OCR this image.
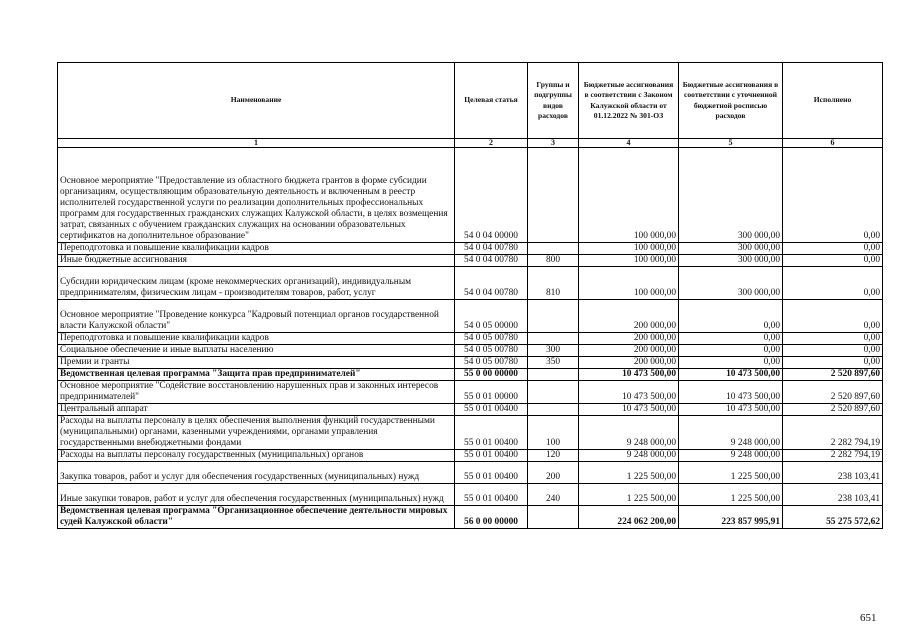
Наименование	Целевая статья	Группы и подгруппы видов расходов	Бюджетные ассигнования в соответствии с Законом Калужской области от 01.12.2022 № 301-ОЗ	Бюджетные ассигнования в соответствии с уточненной бюджетной росписью расходов	Исполнено
1	2	3	4	5	6
Основное мероприятие "Предоставление из областного бюджета грантов в форме субсидии организациям, осуществляющим образовательную деятельность и включенным в реестр исполнителей государственной услуги по реализации дополнительных профессиональных программ для государственных гражданских служащих Калужской области, в целях возмещения затрат, связанных с обучением гражданских служащих на основании образовательных сертификатов на дополнительное образование"	54 0 04 00000		100 000,00	300 000,00	0,00
Переподготовка и повышение квалификации кадров	54 0 04 00780		100 000,00	300 000,00	0,00
Иные бюджетные ассигнования	54 0 04 00780	800	100 000,00	300 000,00	0,00
Субсидии юридическим лицам (кроме некоммерческих организаций), индивидуальным предпринимателям, физическим лицам - производителям товаров, работ, услуг	54 0 04 00780	810	100 000,00	300 000,00	0,00
Основное мероприятие "Проведение конкурса "Кадровый потенциал органов государственной власти Калужской области"	54 0 05 00000		200 000,00	0,00	0,00
Переподготовка и повышение квалификации кадров	54 0 05 00780		200 000,00	0,00	0,00
Социальное обеспечение и иные выплаты населению	54 0 05 00780	300	200 000,00	0,00	0,00
Премии и гранты	54 0 05 00780	350	200 000,00	0,00	0,00
Ведомственная целевая программа "Защита прав предпринимателей"	55 0 00 00000		10 473 500,00	10 473 500,00	2 520 897,60
Основное мероприятие "Содействие восстановлению нарушенных прав и законных интересов предпринимателей"	55 0 01 00000		10 473 500,00	10 473 500,00	2 520 897,60
Центральный аппарат	55 0 01 00400		10 473 500,00	10 473 500,00	2 520 897,60
Расходы на выплаты персоналу в целях обеспечения выполнения функций государственными (муниципальными) органами, казенными учреждениями, органами управления государственными внебюджетными фондами	55 0 01 00400	100	9 248 000,00	9 248 000,00	2 282 794,19
Расходы на выплаты персоналу государственных (муниципальных) органов	55 0 01 00400	120	9 248 000,00	9 248 000,00	2 282 794,19
Закупка товаров, работ и услуг для обеспечения государственных (муниципальных) нужд	55 0 01 00400	200	1 225 500,00	1 225 500,00	238 103,41
Иные закупки товаров, работ и услуг для обеспечения государственных (муниципальных) нужд	55 0 01 00400	240	1 225 500,00	1 225 500,00	238 103,41
Ведомственная целевая программа "Организационное обеспечение деятельности мировых судей Калужской области"	56 0 00 00000		224 062 200,00	223 857 995,91	55 275 572,62
651
